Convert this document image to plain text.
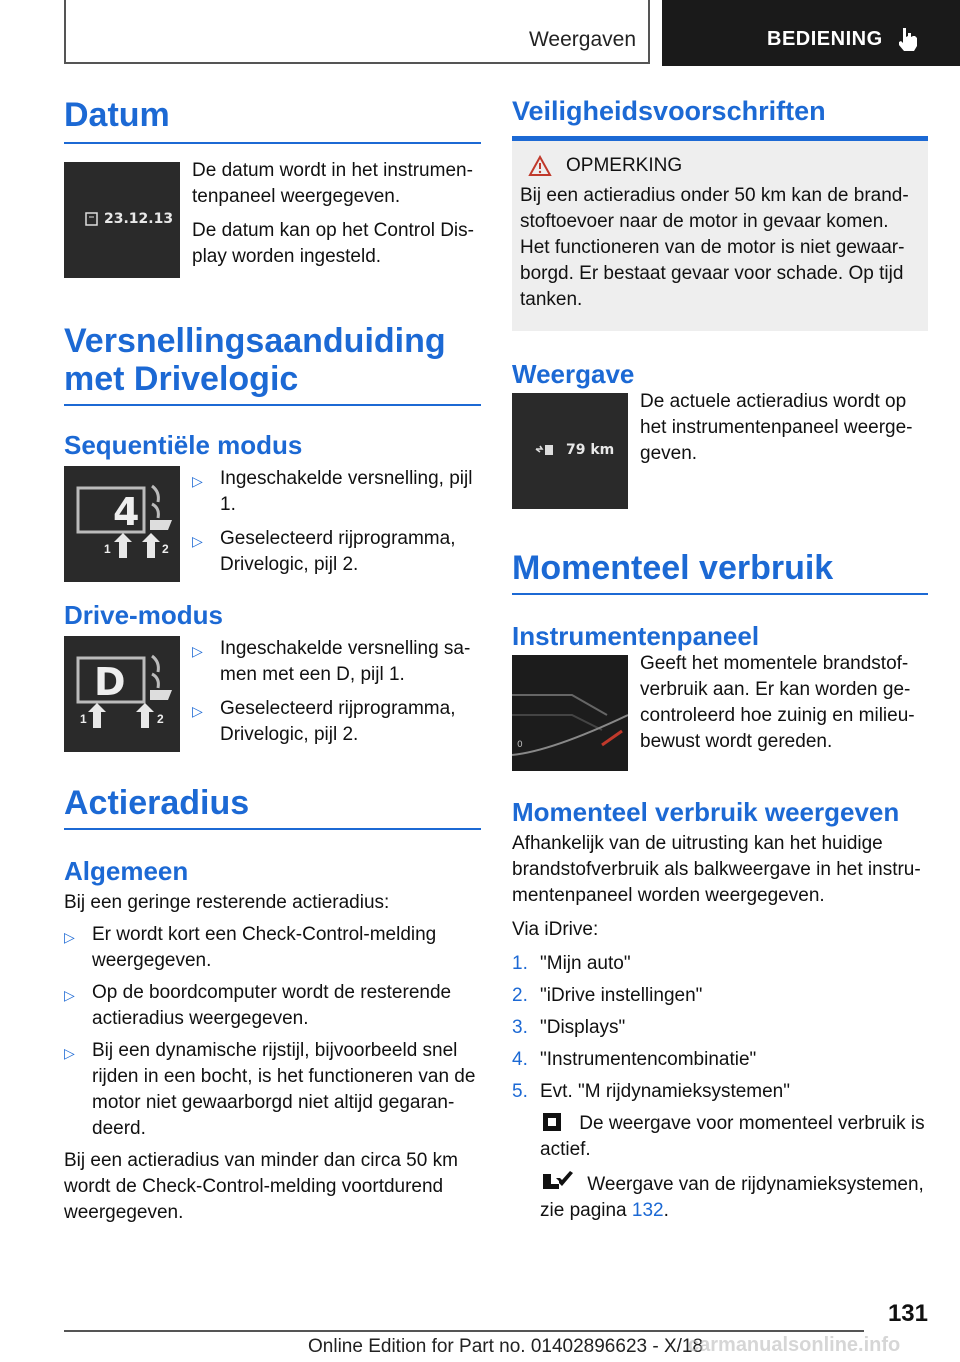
Weergaven	BEDIENING
Datum
23.12.13

De datum wordt in het instrumen-tenpaneel weergegeven.

De datum kan op het Control Dis-play worden ingesteld.

Versnellingsaanduiding
met Drivelogic
Sequentiële modus
4
1	2
▷ Ingeschakelde versnelling, pijl 1.
▷ Geselecteerd rijprogramma, Drivelogic, pijl 2.
Drive-modus
D
1	2
▷ Ingeschakelde versnelling sa-men met een D, pijl 1.
▷ Geselecteerd rijprogramma, Drivelogic, pijl 2.
Actieradius
Algemeen

Bij een geringe resterende actieradius:

▷ Er wordt kort een Check-Control-melding weergegeven.
▷ Op de boordcomputer wordt de resterende actieradius weergegeven.
▷ Bij een dynamische rijstijl, bijvoorbeeld snel rijden in een bocht, is het functioneren van de motor niet gewaarborgd niet altijd gegaran-deerd.

Bij een actieradius van minder dan circa 50 km wordt de Check-Control-melding voortdurend weergegeven.

Veiligheidsvoorschriften
OPMERKING

Bij een actieradius onder 50 km kan de brand-stoftoevoer naar de motor in gevaar komen. Het functioneren van de motor is niet gewaar-borgd. Er bestaat gevaar voor schade. Op tijd tanken.

Weergave
79 km

De actuele actieradius wordt op het instrumentenpaneel weerge-geven.

Momenteel verbruik
Instrumentenpaneel
0

Geeft het momentele brandstof-verbruik aan. Er kan worden ge-controleerd hoe zuinig en milieu-bewust wordt gereden.

Momenteel verbruik weergeven

Afhankelijk van de uitrusting kan het huidige brandstofverbruik als balkweergave in het instru-mentenpaneel worden weergegeven.

Via iDrive:

1. "Mijn auto"
2. "iDrive instellingen"
3. "Displays"
4. "Instrumentencombinatie"
5. Evt. "M rijdynamieksystemen"

De weergave voor momenteel verbruik is actief.

Weergave van de rijdynamieksystemen, zie pagina 132.

131
Online Edition for Part no. 01402896623 - X/18
carmanualsonline.info
